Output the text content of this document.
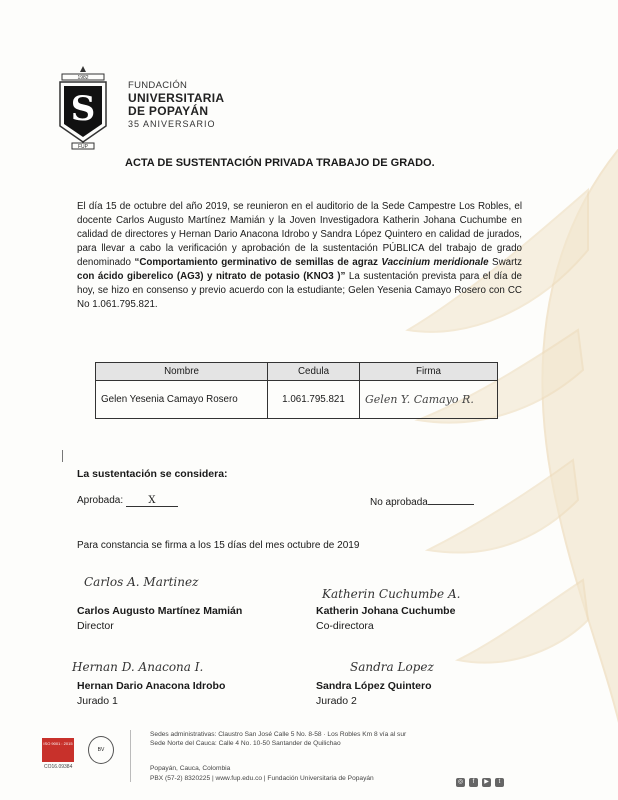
1982
S
FUP
FUNDACIÓN
UNIVERSITARIA
DE POPAYÁN
35 ANIVERSARIO
ACTA DE SUSTENTACIÓN PRIVADA TRABAJO DE GRADO.
El día 15 de octubre del año 2019, se reunieron en el auditorio de la Sede Campestre Los Robles, el docente Carlos Augusto Martínez Mamián y la Joven Investigadora Katherin Johana Cuchumbe en calidad de directores y Hernan Dario Anacona Idrobo y Sandra López Quintero en calidad de jurados, para llevar a cabo la verificación y aprobación de la sustentación PÚBLICA del trabajo de grado denominado “Comportamiento germinativo de semillas de agraz Vaccinium meridionale Swartz con ácido giberelico (AG3) y nitrato de potasio (KNO3 )” La sustentación prevista para el día de hoy, se hizo en consenso y previo acuerdo con la estudiante; Gelen Yesenia Camayo Rosero con CC No 1.061.795.821.
Nombre	Cedula	Firma
Gelen Yesenia Camayo Rosero	1.061.795.821	Gelen Y. Camayo R.
La sustentación se considera:
Aprobada:	X	No aprobada
Para constancia se firma a los 15 días del mes octubre de 2019
Carlos A. Martinez
Carlos Augusto Martínez Mamián
Director
Katherin Cuchumbe A.
Katherin Johana Cuchumbe
Co-directora
Hernan D. Anacona I.
Hernan Dario Anacona Idrobo
Jurado 1
Sandra Lopez
Sandra López Quintero
Jurado 2
ISO 9001 : 2015
BV
CO16.09384
Sedes administrativas: Claustro San José Calle 5 No. 8-58 · Los Robles Km 8 vía al sur
Sede Norte del Cauca: Calle 4 No. 10-50 Santander de Quilichao
Popayán, Cauca, Colombia
PBX (57-2) 8320225 | www.fup.edu.co | Fundación Universitaria de Popayán	◎	f	▶	t
